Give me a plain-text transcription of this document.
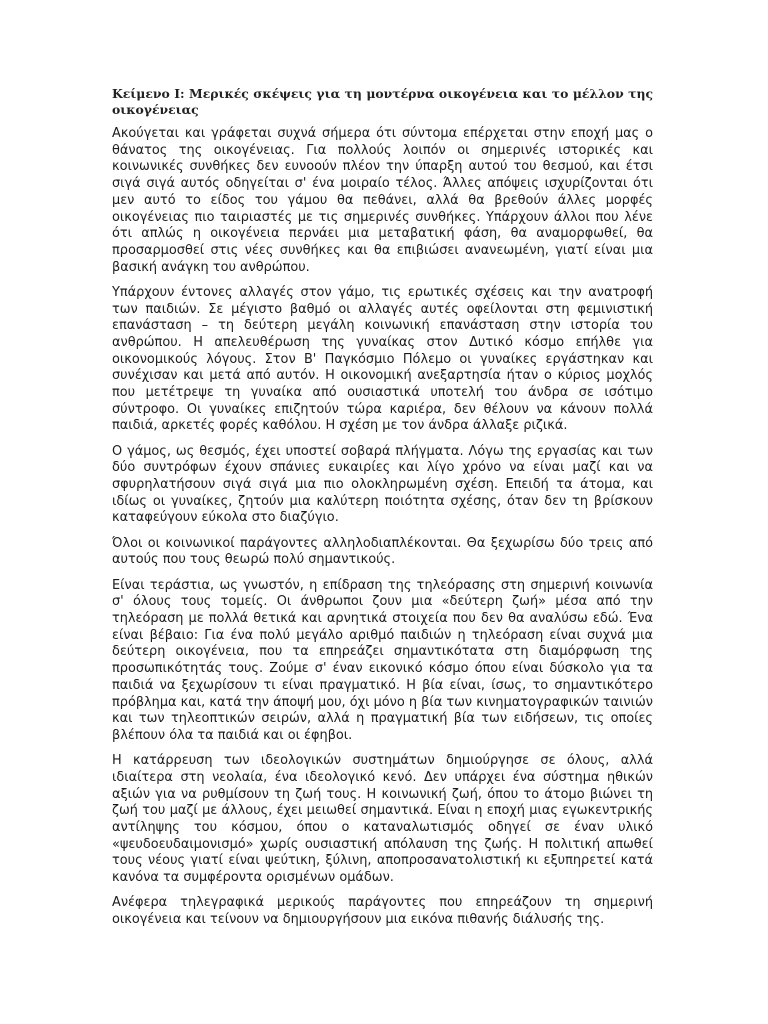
Κείμενο Ι: Μερικές σκέψεις για τη μοντέρνα οικογένεια και το μέλλον της οικογένειας

Ακούγεται και γράφεται συχνά σήμερα ότι σύντομα επέρχεται στην εποχή μας ο θάνατος της οικογένειας. Για πολλούς λοιπόν οι σημερινές ιστορικές και κοινωνικές συνθήκες δεν ευνοούν πλέον την ύπαρξη αυτού του θεσμού, και έτσι σιγά σιγά αυτός οδηγείται σ' ένα μοιραίο τέλος. Άλλες απόψεις ισχυρίζονται ότι μεν αυτό το είδος του γάμου θα πεθάνει, αλλά θα βρεθούν άλλες μορφές οικογένειας πιο ταιριαστές με τις σημερινές συνθήκες. Υπάρχουν άλλοι που λένε ότι απλώς η οικογένεια περνάει μια μεταβατική φάση, θα αναμορφωθεί, θα προσαρμοσθεί στις νέες συνθήκες και θα επιβιώσει ανανεωμένη, γιατί είναι μια βασική ανάγκη του ανθρώπου.

Υπάρχουν έντονες αλλαγές στον γάμο, τις ερωτικές σχέσεις και την ανατροφή των παιδιών. Σε μέγιστο βαθμό οι αλλαγές αυτές οφείλονται στη φεμινιστική επανάσταση – τη δεύτερη μεγάλη κοινωνική επανάσταση στην ιστορία του ανθρώπου. Η απελευθέρωση της γυναίκας στον Δυτικό κόσμο επήλθε για οικονομικούς λόγους. Στον Β' Παγκόσμιο Πόλεμο οι γυναίκες εργάστηκαν και συνέχισαν και μετά από αυτόν. Η οικονομική ανεξαρτησία ήταν ο κύριος μοχλός που μετέτρεψε τη γυναίκα από ουσιαστικά υποτελή του άνδρα σε ισότιμο σύντροφο. Οι γυναίκες επιζητούν τώρα καριέρα, δεν θέλουν να κάνουν πολλά παιδιά, αρκετές φορές καθόλου. Η σχέση με τον άνδρα άλλαξε ριζικά.

Ο γάμος, ως θεσμός, έχει υποστεί σοβαρά πλήγματα. Λόγω της εργασίας και των δύο συντρόφων έχουν σπάνιες ευκαιρίες και λίγο χρόνο να είναι μαζί και να σφυρηλατήσουν σιγά σιγά μια πιο ολοκληρωμένη σχέση. Επειδή τα άτομα, και ιδίως οι γυναίκες, ζητούν μια καλύτερη ποιότητα σχέσης, όταν δεν τη βρίσκουν καταφεύγουν εύκολα στο διαζύγιο.

Όλοι οι κοινωνικοί παράγοντες αλληλοδιαπλέκονται. Θα ξεχωρίσω δύο τρεις από αυτούς που τους θεωρώ πολύ σημαντικούς.

Είναι τεράστια, ως γνωστόν, η επίδραση της τηλεόρασης στη σημερινή κοινωνία σ' όλους τους τομείς. Οι άνθρωποι ζουν μια «δεύτερη ζωή» μέσα από την τηλεόραση με πολλά θετικά και αρνητικά στοιχεία που δεν θα αναλύσω εδώ. Ένα είναι βέβαιο: Για ένα πολύ μεγάλο αριθμό παιδιών η τηλεόραση είναι συχνά μια δεύτερη οικογένεια, που τα επηρεάζει σημαντικότατα στη διαμόρφωση της προσωπικότητάς τους. Ζούμε σ' έναν εικονικό κόσμο όπου είναι δύσκολο για τα παιδιά να ξεχωρίσουν τι είναι πραγματικό. Η βία είναι, ίσως, το σημαντικότερο πρόβλημα και, κατά την άποψή μου, όχι μόνο η βία των κινηματογραφικών ταινιών και των τηλεοπτικών σειρών, αλλά η πραγματική βία των ειδήσεων, τις οποίες βλέπουν όλα τα παιδιά και οι έφηβοι.

Η κατάρρευση των ιδεολογικών συστημάτων δημιούργησε σε όλους, αλλά ιδιαίτερα στη νεολαία, ένα ιδεολογικό κενό. Δεν υπάρχει ένα σύστημα ηθικών αξιών για να ρυθμίσουν τη ζωή τους. Η κοινωνική ζωή, όπου το άτομο βιώνει τη ζωή του μαζί με άλλους, έχει μειωθεί σημαντικά. Είναι η εποχή μιας εγωκεντρικής αντίληψης του κόσμου, όπου ο καταναλωτισμός οδηγεί σε έναν υλικό «ψευδοευδαιμονισμό» χωρίς ουσιαστική απόλαυση της ζωής. Η πολιτική απωθεί τους νέους γιατί είναι ψεύτικη, ξύλινη, αποπροσανατολιστική κι εξυπηρετεί κατά κανόνα τα συμφέροντα ορισμένων ομάδων.

Ανέφερα τηλεγραφικά μερικούς παράγοντες που επηρεάζουν τη σημερινή οικογένεια και τείνουν να δημιουργήσουν μια εικόνα πιθανής διάλυσής της.
